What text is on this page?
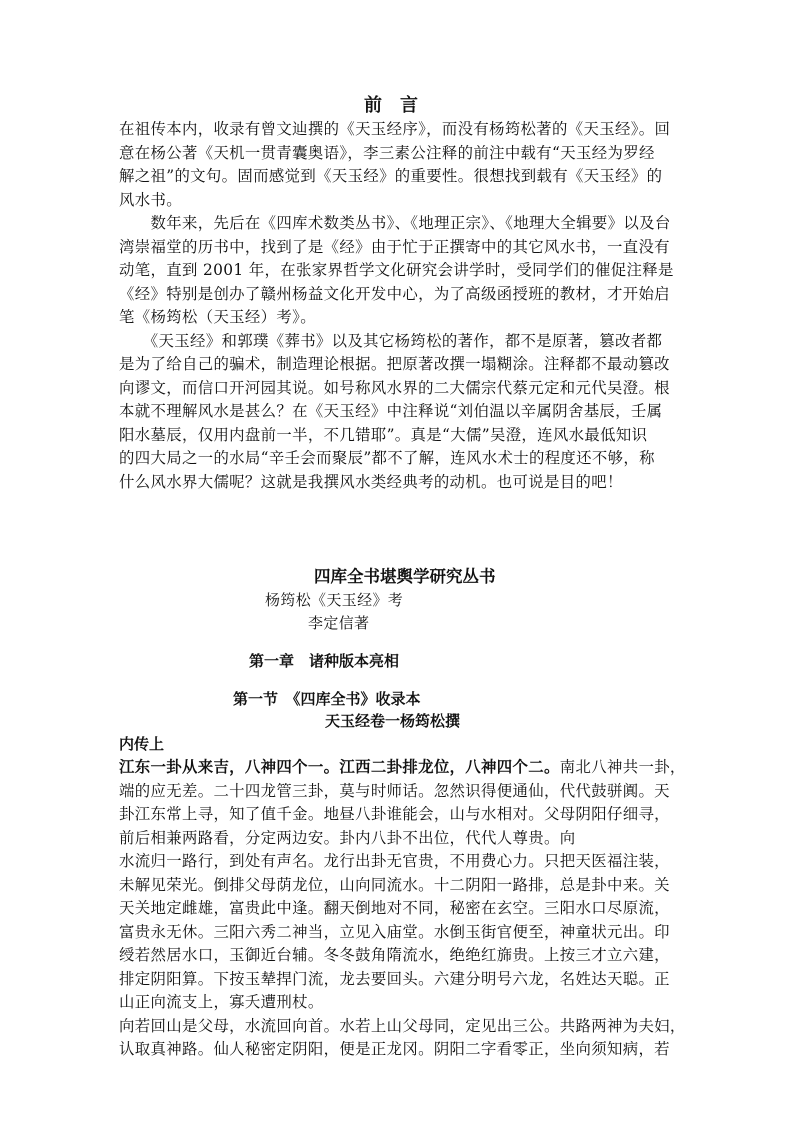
前　言
在祖传本内，收录有曾文辿撰的《天玉经序》，而没有杨筠松著的《天玉经》。回
意在杨公著《天机一贯青囊奥语》，李三素公注释的前注中载有“天玉经为罗经
解之祖”的文句。固而感觉到《天玉经》的重要性。很想找到载有《天玉经》的
风水书。
　　数年来，先后在《四库术数类丛书》、《地理正宗》、《地理大全辑要》以及台
湾崇福堂的历书中，找到了是《经》由于忙于正撰寄中的其它风水书，一直没有
动笔，直到 2001 年，在张家界哲学文化研究会讲学时，受同学们的催促注释是
《经》特别是创办了赣州杨益文化开发中心，为了高级函授班的教材，才开始启
笔《杨筠松（天玉经）考》。
　　《天玉经》和郭璞《葬书》以及其它杨筠松的著作，都不是原著，篡改者都
是为了给自己的骗术，制造理论根据。把原著改撰一塌糊涂。注释都不最动篡改
向谬文，而信口开河园其说。如号称风水界的二大儒宗代蔡元定和元代吴澄。根
本就不理解风水是甚么？在《天玉经》中注释说“刘伯温以辛属阴舍基辰，壬属
阳水墓辰，仅用内盘前一半，不几错耶”。真是“大儒”吴澄，连风水最低知识
的四大局之一的水局“辛壬会而聚辰”都不了解，连风水术士的程度还不够，称
什么风水界大儒呢？这就是我撰风水类经典考的动机。也可说是目的吧！
四库全书堪舆学研究丛书
杨筠松《天玉经》考
李定信著
第一章　诸种版本亮相
第一节　《四库全书》收录本
天玉经卷一杨筠松撰
内传上
江东一卦从来吉，八神四个一。江西二卦排龙位，八神四个二。南北八神共一卦，
端的应无差。二十四龙管三卦，莫与时师话。忽然识得便通仙，代代鼓骈阗。天
卦江东常上寻，知了值千金。地昼八卦谁能会，山与水相对。父母阴阳仔细寻，
前后相兼两路看，分定两边安。卦内八卦不出位，代代人尊贵。向
水流归一路行，到处有声名。龙行出卦无官贵，不用费心力。只把天医福注装，
未解见荣光。倒排父母荫龙位，山向同流水。十二阴阳一路排，总是卦中来。关
天关地定雌雄，富贵此中逢。翻天倒地对不同，秘密在玄空。三阳水口尽原流，
富贵永无休。三阳六秀二神当，立见入庙堂。水倒玉街官便至，神童状元出。印
绶若然居水口，玉御近台辅。冬冬鼓角隋流水，绝绝红旆贵。上按三才立六建，
排定阴阳算。下按玉辇捍门流，龙去要回头。六建分明号六龙，名姓达天聪。正
山正向流支上，寡夭遭刑杖。
向若回山是父母，水流回向首。水若上山父母同，定见出三公。共路两神为夫妇，
认取真神路。仙人秘密定阴阳，便是正龙冈。阴阳二字看零正，坐向须知病，若
